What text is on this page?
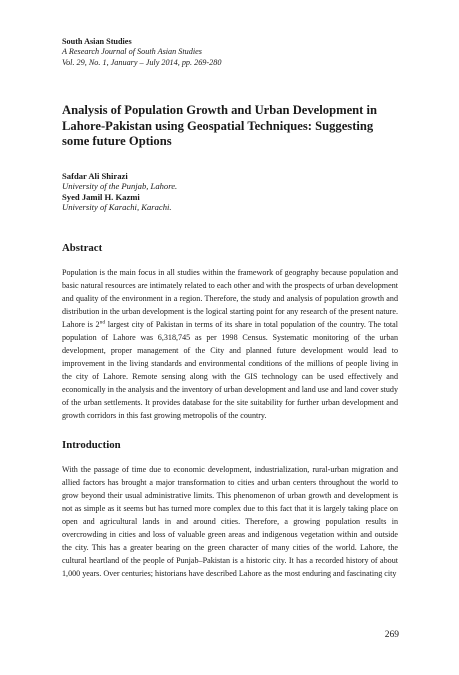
South Asian Studies
A Research Journal of South Asian Studies
Vol. 29, No. 1, January – July 2014, pp. 269-280
Analysis of Population Growth and Urban Development in Lahore-Pakistan using Geospatial Techniques: Suggesting some future Options
Safdar Ali Shirazi
University of the Punjab, Lahore.
Syed Jamil H. Kazmi
University of Karachi, Karachi.
Abstract
Population is the main focus in all studies within the framework of geography because population and basic natural resources are intimately related to each other and with the prospects of urban development and quality of the environment in a region. Therefore, the study and analysis of population growth and distribution in the urban development is the logical starting point for any research of the present nature. Lahore is 2nd largest city of Pakistan in terms of its share in total population of the country. The total population of Lahore was 6,318,745 as per 1998 Census. Systematic monitoring of the urban development, proper management of the City and planned future development would lead to improvement in the living standards and environmental conditions of the millions of people living in the city of Lahore. Remote sensing along with the GIS technology can be used effectively and economically in the analysis and the inventory of urban development and land use and land cover study of the urban settlements. It provides database for the site suitability for further urban development and growth corridors in this fast growing metropolis of the country.
Introduction
With the passage of time due to economic development, industrialization, rural-urban migration and allied factors has brought a major transformation to cities and urban centers throughout the world to grow beyond their usual administrative limits. This phenomenon of urban growth and development is not as simple as it seems but has turned more complex due to this fact that it is largely taking place on open and agricultural lands in and around cities. Therefore, a growing population results in overcrowding in cities and loss of valuable green areas and indigenous vegetation within and outside the city. This has a greater bearing on the green character of many cities of the world. Lahore, the cultural heartland of the people of Punjab–Pakistan is a historic city. It has a recorded history of about 1,000 years. Over centuries; historians have described Lahore as the most enduring and fascinating city
269
